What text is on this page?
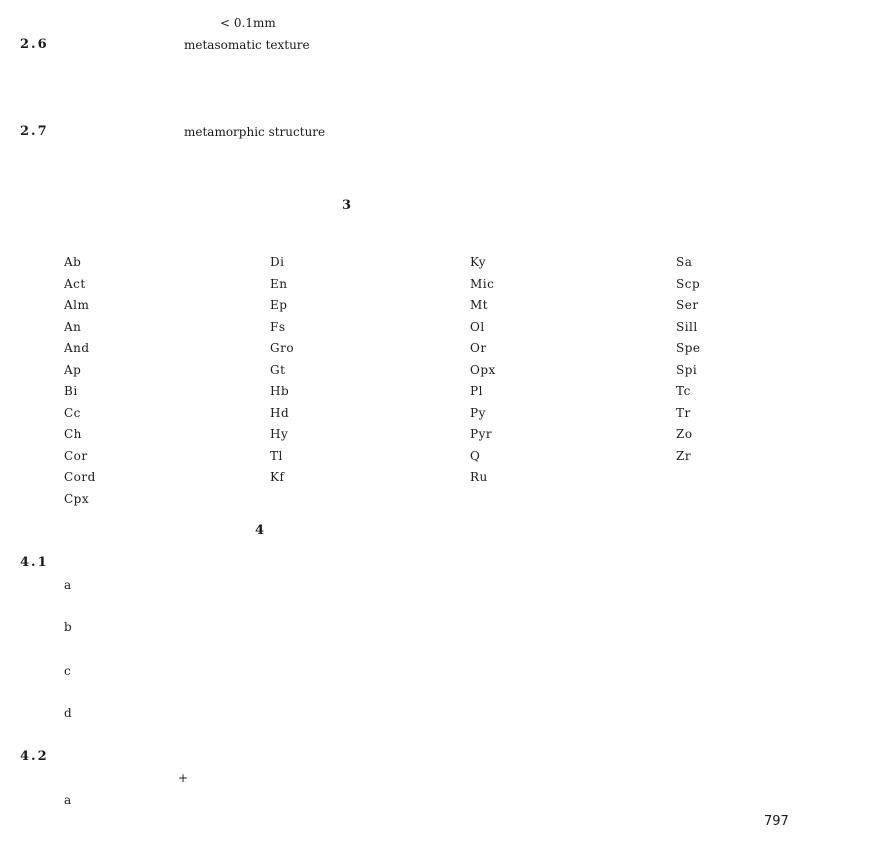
< 0.1mm
2.6	metasomatic texture
2.7	metamorphic structure
3
Ab
Act
Alm
An
And
Ap
Bi
Cc
Ch
Cor
Cord
Cpx
Di
En
Ep
Fs
Gro
Gt
Hb
Hd
Hy
Tl
Kf
Ky
Mic
Mt
Ol
Or
Opx
Pl
Py
Pyr
Q
Ru
Sa
Scp
Ser
Sill
Spe
Spi
Tc
Tr
Zo
Zr
4
4.1
a
b
c
d
4.2
+
a
797
